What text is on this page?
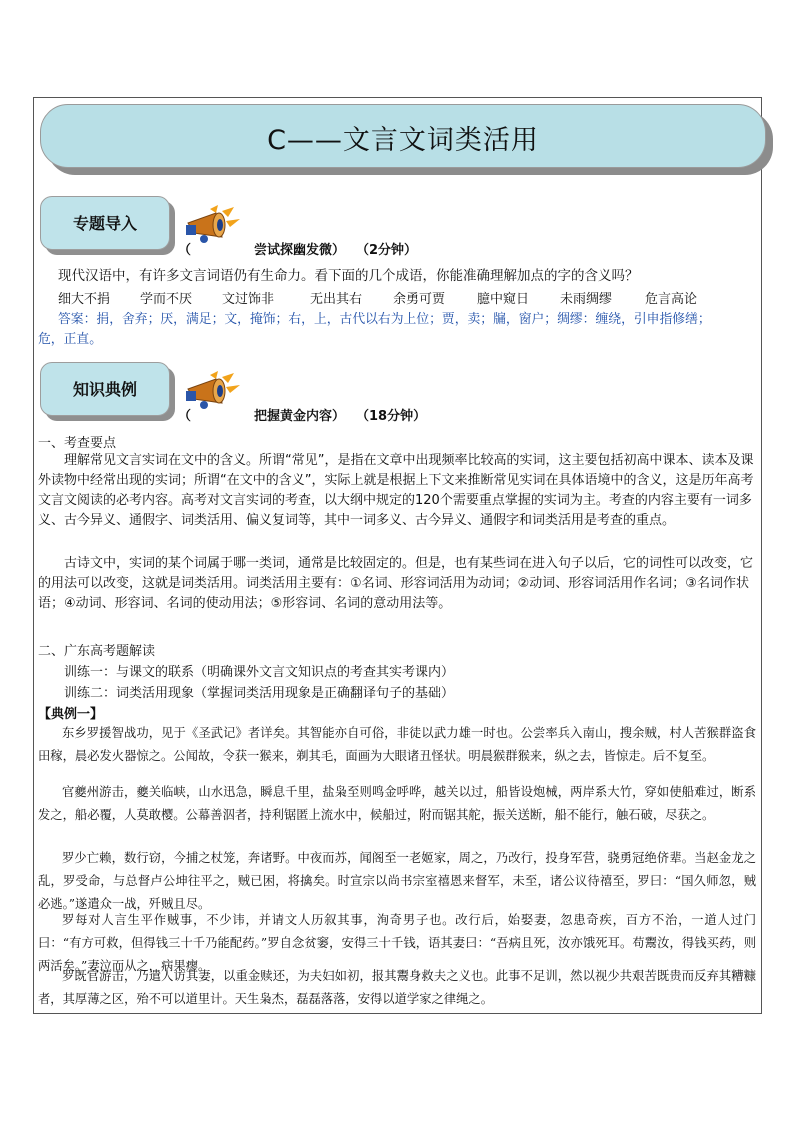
C——文言文词类活用
专题导入
（	尝试探幽发微） （2分钟）
现代汉语中，有许多文言词语仍有生命力。看下面的几个成语，你能准确理解加点的字的含义吗？
细大不捐 学而不厌 文过饰非	无出其右 余勇可贾 臆中窥日 未雨绸缪	危言高论
答案：捐，舍弃；厌，满足；文，掩饰；右，上，古代以右为上位；贾，卖；牖，窗户；绸缪：缠绕，引申指修缮；
危，正直。
知识典例
（	把握黄金内容） （18分钟）
一、考查要点
理解常见文言实词在文中的含义。所谓“常见”，是指在文章中出现频率比较高的实词，这主要包括初高中课本、读本及课外读物中经常出现的实词；所谓“在文中的含义”，实际上就是根据上下文来推断常见实词在具体语境中的含义，这是历年高考文言文阅读的必考内容。高考对文言实词的考查，以大纲中规定的120个需要重点掌握的实词为主。考查的内容主要有一词多义、古今异义、通假字、词类活用、偏义复词等，其中一词多义、古今异义、通假字和词类活用是考查的重点。
古诗文中，实词的某个词属于哪一类词，通常是比较固定的。但是，也有某些词在进入句子以后，它的词性可以改变，它的用法可以改变，这就是词类活用。词类活用主要有：①名词、形容词活用为动词；②动词、形容词活用作名词；③名词作状语；④动词、形容词、名词的使动用法；⑤形容词、名词的意动用法等。
二、广东高考题解读
训练一：与课文的联系（明确课外文言文知识点的考查其实考课内）
训练二：词类活用现象（掌握词类活用现象是正确翻译句子的基础）
【典例一】
东乡罗援智战功，见于《圣武记》者详矣。其智能亦自可俗，非徒以武力雄一时也。公尝率兵入南山，搜余贼，村人苦猴群盗食田稼，晨必发火器惊之。公闻故，令获一猴来，剃其毛，面画为大眼诸丑怪状。明晨猴群猴来，纵之去，皆惊走。后不复至。
官夔州游击，夔关临峡，山水迅急，瞬息千里，盐枭至则鸣金呼哗，越关以过，船皆设炮械，两岸系大竹，穿如使船难过，断系发之，船必覆，人莫敢樱。公幕善泅者，持利锯匿上流水中，候船过，附而锯其舵，振关送断，船不能行，触石破，尽获之。
罗少亡赖，数行窃，今捕之杖笼，奔诸野。中夜而苏，闻阁至一老姬家，周之，乃改行，投身军营，骁勇冠绝侪辈。当赵金龙之乱，罗受命，与总督卢公坤往平之，贼已困，将擒矣。时宣宗以尚书宗室禧恩来督军，未至，诸公议待禧至，罗曰：“国久师忽，贼必逃。”遂遣众一战，歼贼且尽。
罗每对人言生平作贼事，不少讳，并请文人历叙其事，洵奇男子也。改行后，始娶妻，忽患奇疾，百方不治，一道人过门曰：“有方可救，但得钱三十千乃能配药。”罗自念贫窭，安得三十千钱，语其妻曰：“吾病且死，汝亦饿死耳。苟鬻汝，得钱买药，则两活矣。”妻泣而从之，病果瘳。
罗既官游击，乃遣人访其妻，以重金赎还，为夫妇如初，报其鬻身救夫之义也。此事不足训，然以视少共艰苦既贵而反弃其糟糠者，其厚薄之区，殆不可以道里计。天生枭杰，磊磊落落，安得以道学家之律绳之。
